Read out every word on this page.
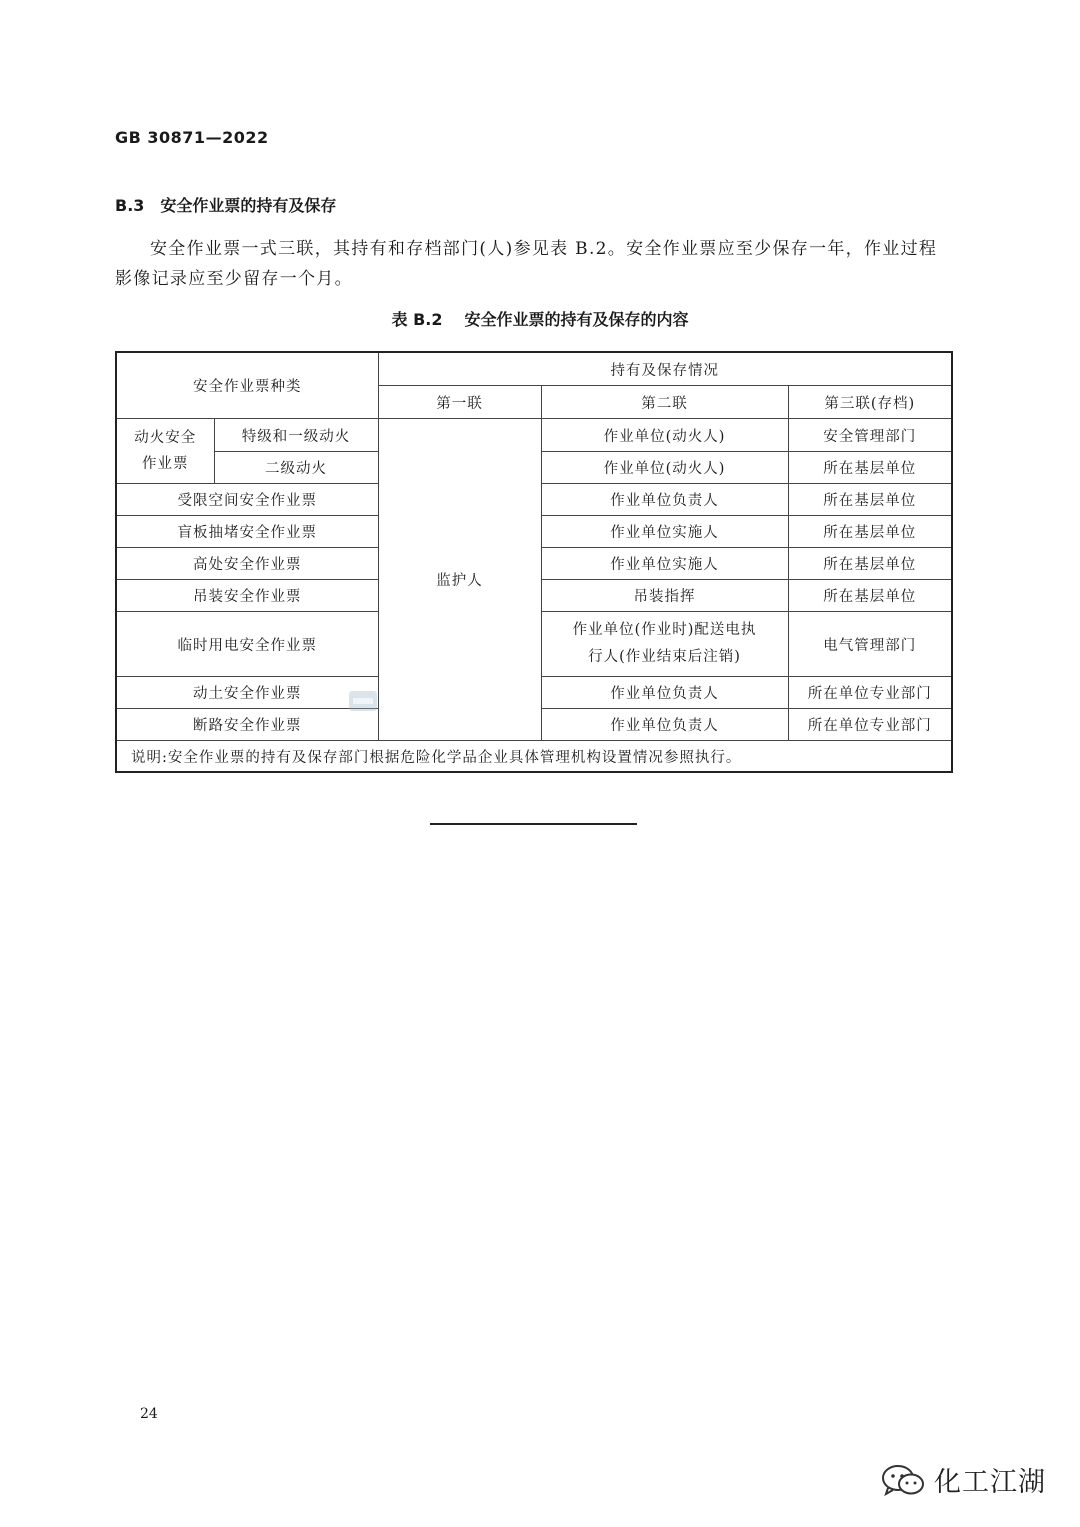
GB 30871—2022
B.3 安全作业票的持有及保存
安全作业票一式三联，其持有和存档部门(人)参见表 B.2。安全作业票应至少保存一年，作业过程影像记录应至少留存一个月。
表 B.2 安全作业票的持有及保存的内容
安全作业票种类		持有及保存情况		
		第一联	第二联	第三联(存档)
动火安全作业票	特级和一级动火	监护人	作业单位(动火人)	安全管理部门
	二级动火		作业单位(动火人)	所在基层单位
受限空间安全作业票			作业单位负责人	所在基层单位
盲板抽堵安全作业票			作业单位实施人	所在基层单位
高处安全作业票			作业单位实施人	所在基层单位
吊装安全作业票			吊装指挥	所在基层单位
临时用电安全作业票			作业单位(作业时)配送电执行人(作业结束后注销)	电气管理部门
动土安全作业票			作业单位负责人	所在单位专业部门
断路安全作业票			作业单位负责人	所在单位专业部门
说明:安全作业票的持有及保存部门根据危险化学品企业具体管理机构设置情况参照执行。				
24
化工江湖
